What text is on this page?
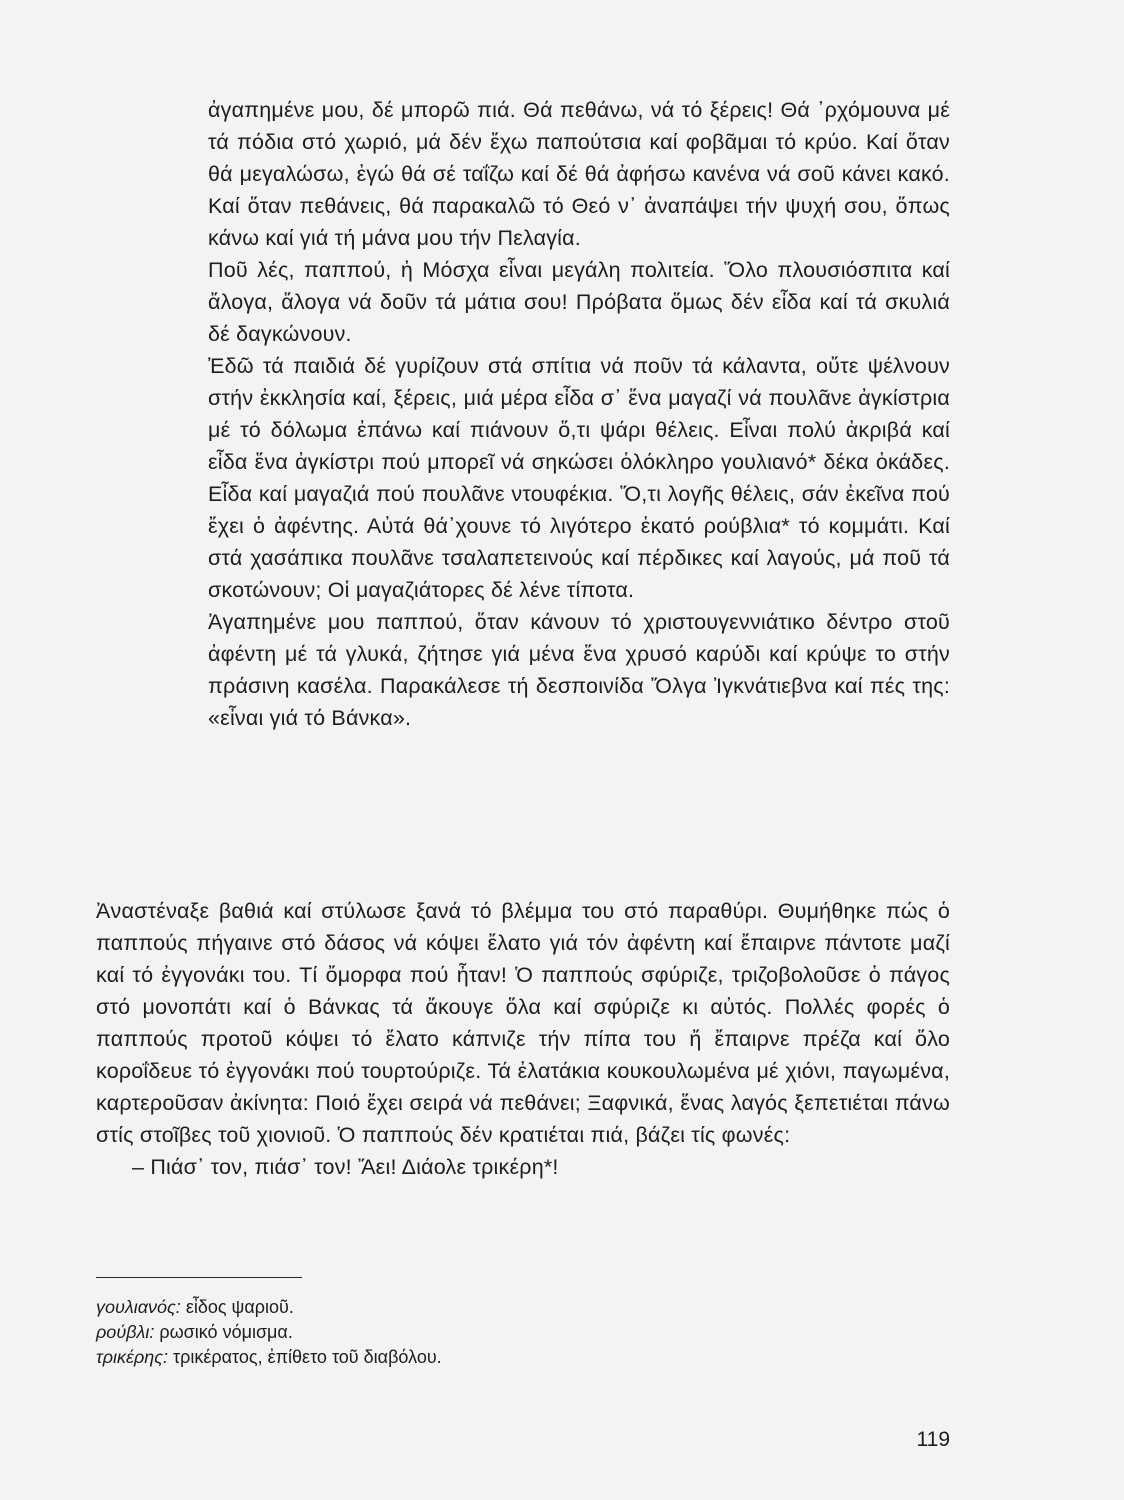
ἀγαπημένε μου, δέ μπορῶ πιά. Θά πεθάνω, νά τό ξέρεις! Θά ᾽ρχόμουνα μέ τά πόδια στό χωριό, μά δέν ἔχω παπούτσια καί φοβᾶμαι τό κρύο. Καί ὅταν θά μεγαλώσω, ἐγώ θά σέ ταΐζω καί δέ θά ἀφήσω κανένα νά σοῦ κάνει κακό. Καί ὅταν πεθάνεις, θά παρακαλῶ τό Θεό ν᾽ ἀναπάψει τήν ψυχή σου, ὅπως κάνω καί γιά τή μάνα μου τήν Πελαγία.

Ποῦ λές, παππού, ἡ Μόσχα εἶναι μεγάλη πολιτεία. Ὅλο πλουσιόσπιτα καί ἄλογα, ἄλογα νά δοῦν τά μάτια σου! Πρόβατα ὅμως δέν εἶδα καί τά σκυλιά δέ δαγκώνουν.

Ἐδῶ τά παιδιά δέ γυρίζουν στά σπίτια νά ποῦν τά κάλαντα, οὔτε ψέλνουν στήν ἐκκλησία καί, ξέρεις, μιά μέρα εἶδα σ᾽ ἕνα μαγαζί νά πουλᾶνε ἀγκίστρια μέ τό δόλωμα ἐπάνω καί πιάνουν ὅ,τι ψάρι θέλεις. Εἶναι πολύ ἀκριβά καί εἶδα ἕνα ἀγκίστρι πού μπορεῖ νά σηκώσει ὁλόκληρο γουλιανό* δέκα ὀκάδες. Εἶδα καί μαγαζιά πού πουλᾶνε ντουφέκια. Ὅ,τι λογῆς θέλεις, σάν ἐκεῖνα πού ἔχει ὁ ἀφέντης. Αὐτά θά᾽χουνε τό λιγότερο ἑκατό ρούβλια* τό κομμάτι. Καί στά χασάπικα πουλᾶνε τσαλαπετεινούς καί πέρδικες καί λαγούς, μά ποῦ τά σκοτώνουν; Οἱ μαγαζιάτορες δέ λένε τίποτα.

Ἀγαπημένε μου παππού, ὅταν κάνουν τό χριστουγεννιάτικο δέντρο στοῦ ἀφέντη μέ τά γλυκά, ζήτησε γιά μένα ἕνα χρυσό καρύδι καί κρύψε το στήν πράσινη κασέλα. Παρακάλεσε τή δεσποινίδα Ὄλγα Ἰγκνάτιεβνα καί πές της: «εἶναι γιά τό Βάνκα».

Ἀναστέναξε βαθιά καί στύλωσε ξανά τό βλέμμα του στό παραθύρι. Θυμήθηκε πώς ὁ παππούς πήγαινε στό δάσος νά κόψει ἔλατο γιά τόν ἀφέντη καί ἔπαιρνε πάντοτε μαζί καί τό ἐγγονάκι του. Τί ὄμορφα πού ἦταν! Ὁ παππούς σφύριζε, τριζοβολοῦσε ὁ πάγος στό μονοπάτι καί ὁ Βάνκας τά ἄκουγε ὅλα καί σφύριζε κι αὐτός. Πολλές φορές ὁ παππούς προτοῦ κόψει τό ἔλατο κάπνιζε τήν πίπα του ἤ ἔπαιρνε πρέζα καί ὅλο κοροΐδευε τό ἐγγονάκι πού τουρτούριζε. Τά ἐλατάκια κουκουλωμένα μέ χιόνι, παγωμένα, καρτεροῦσαν ἀκίνητα: Ποιό ἔχει σειρά νά πεθάνει; Ξαφνικά, ἕνας λαγός ξεπετιέται πάνω στίς στοῖβες τοῦ χιονιοῦ. Ὁ παππούς δέν κρατιέται πιά, βάζει τίς φωνές:

– Πιάσ᾽ τον, πιάσ᾽ τον! Ἄει! Διάολε τρικέρη*!

γουλιανός: εἶδος ψαριοῦ.
ρούβλι: ρωσικό νόμισμα.
τρικέρης: τρικέρατος, ἐπίθετο τοῦ διαβόλου.
119
